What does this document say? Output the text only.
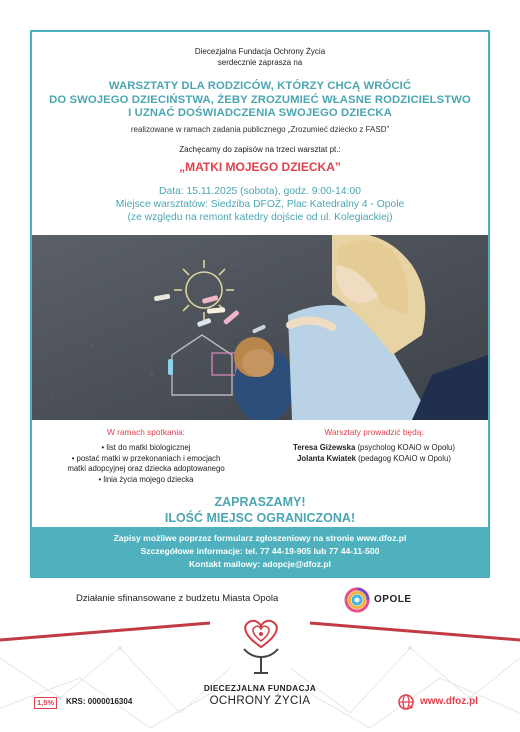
Diecezjalna Fundacja Ochrony Życia
serdecznie zaprasza na
WARSZTATY DLA RODZICÓW, KTÓRZY CHCĄ WRÓCIĆ
DO SWOJEGO DZIECIŃSTWA, ŻEBY ZROZUMIEĆ WŁASNE RODZICIELSTWO
I UZNAĆ DOŚWIADCZENIA SWOJEGO DZIECKA
realizowane w ramach zadania publicznego „Zrozumieć dziecko z FASD”
Zachęcamy do zapisów na trzeci warsztat pt.:
„MATKI MOJEGO DZIECKA”
Data: 15.11.2025 (sobota), godz. 9:00-14:00
Miejsce warsztatów: Siedziba DFOŻ, Plac Katedralny 4 - Opole
(ze względu na remont katedry dojście od ul. Kolegiackiej)
W ramach spotkania:
• list do matki biologicznej
• postać matki w przekonaniach i emocjach
matki adopcyjnej oraz dziecka adoptowanego
• linia życia mojego dziecka
Warsztaty prowadzić będą:
Teresa Giżewska (psycholog KOAiO w Opolu)
Jolanta Kwiatek (pedagog KOAiO w Opolu)
ZAPRASZAMY!
ILOŚĆ MIEJSC OGRANICZONA!
Zapisy możliwe poprzez formularz zgłoszeniowy na stronie www.dfoz.pl
Szczegółowe informacje: tel. 77 44-19-905 lub 77 44-11-500
Kontakt mailowy: adopcje@dfoz.pl
Działanie sfinansowane z budżetu Miasta Opola	OPOLE
DIECEZJALNA FUNDACJA
OCHRONY ŻYCIA
1,5%	KRS: 0000016304	www.dfoz.pl
